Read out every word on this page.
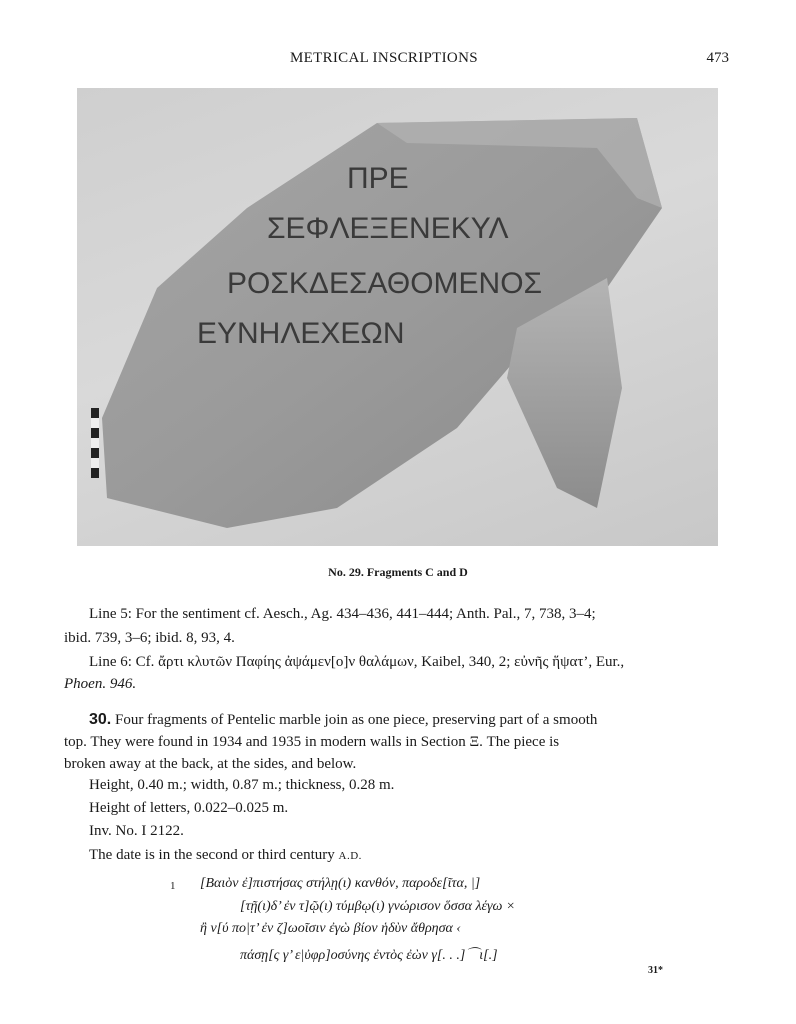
METRICAL INSCRIPTIONS	473
ΠΡΕ
ΣΕΦΛΕΞΕΝΕΚΥΛ
ΡΟΣΚΔΕΣΑΘΟΜΕΝΟΣ
ΕΥΝΗΛΕΧΕΩΝ
No. 29. Fragments C and D
Line 5: For the sentiment cf. Aesch., Ag. 434–436, 441–444; Anth. Pal., 7, 738, 3–4;
ibid. 739, 3–6; ibid. 8, 93, 4.
Line 6: Cf. ἄρτι κλυτῶν Παφίης ἀψάμεν[ο]ν θαλάμων, Kaibel, 340, 2; εὐνῆς ἥψατ’, Eur.,
Phoen. 946.
30. Four fragments of Pentelic marble join as one piece, preserving part of a smooth
top. They were found in 1934 and 1935 in modern walls in Section Ξ. The piece is
broken away at the back, at the sides, and below.
Height, 0.40 m.; width, 0.87 m.; thickness, 0.28 m.
Height of letters, 0.022–0.025 m.
Inv. No. I 2122.
The date is in the second or third century A.D.
1 [Βαιὸν ἐ]πιστήσας στήλῃ(ι) κανθόν, παροδε[ῖτα, |]
[τῇ(ι)δ’ ἐν τ]ῷ(ι) τύμβῳ(ι) γνώρισον ὅσσα λέγω ×
ἢ ν[ύ πο|τ’ ἐν ζ]ωοῖσιν ἐγὼ βίον ἡδὺν ἄθρησα ‹
πάσῃ[ς γ’ ε|ὐφρ]οσύνης ἐντὸς ἐὼν γ[. . .]⌒ι[.]
31*
